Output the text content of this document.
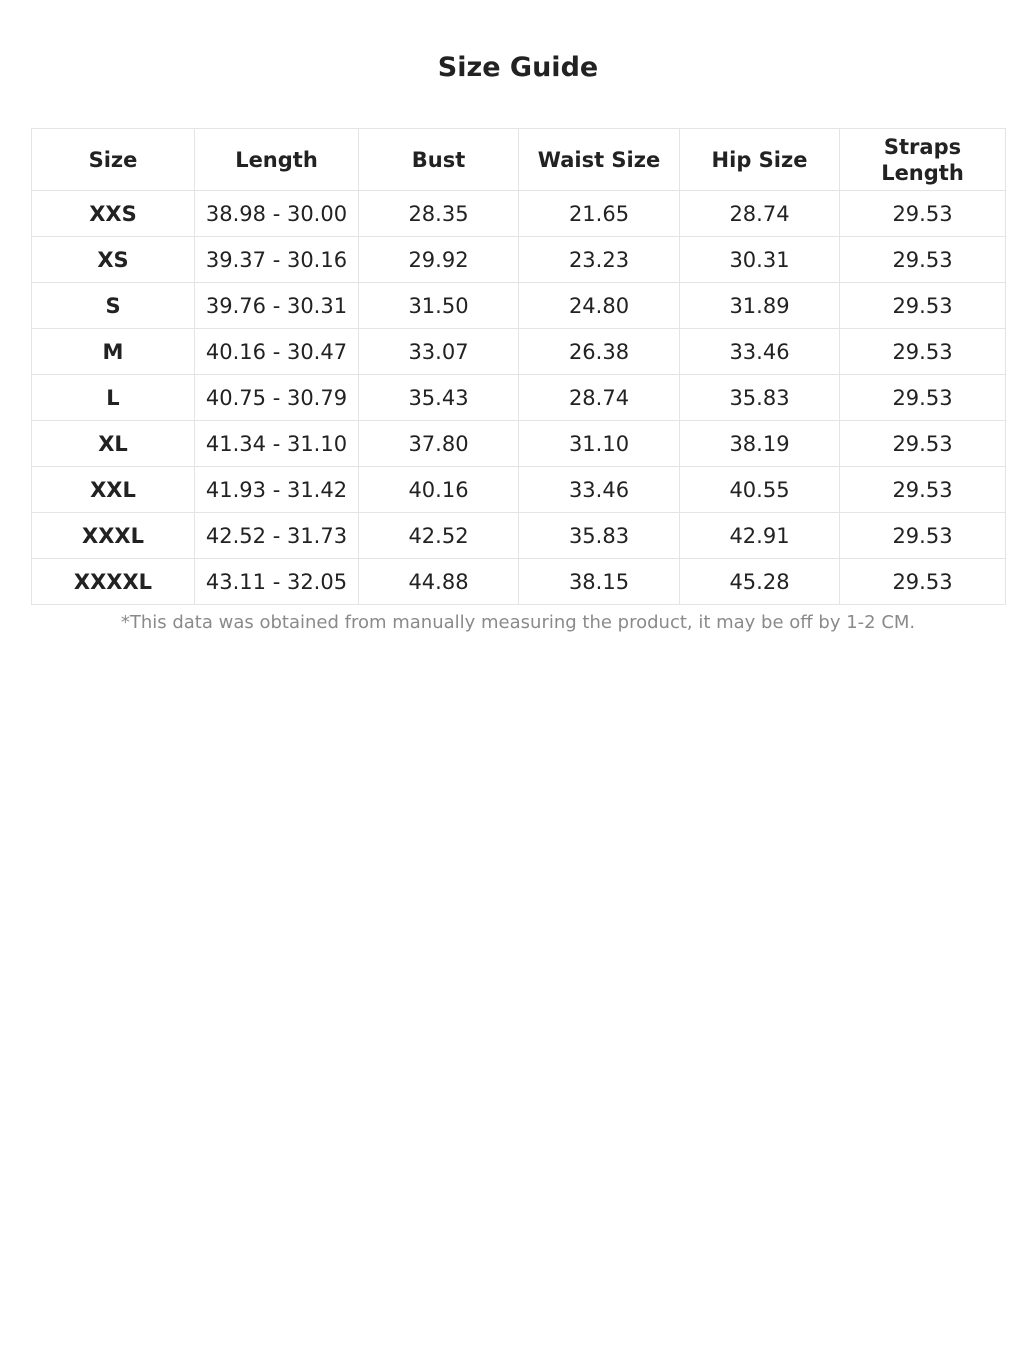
Size Guide
Size	Length	Bust	Waist Size	Hip Size	Straps Length
XXS	38.98 - 30.00	28.35	21.65	28.74	29.53
XS	39.37 - 30.16	29.92	23.23	30.31	29.53
S	39.76 - 30.31	31.50	24.80	31.89	29.53
M	40.16 - 30.47	33.07	26.38	33.46	29.53
L	40.75 - 30.79	35.43	28.74	35.83	29.53
XL	41.34 - 31.10	37.80	31.10	38.19	29.53
XXL	41.93 - 31.42	40.16	33.46	40.55	29.53
XXXL	42.52 - 31.73	42.52	35.83	42.91	29.53
XXXXL	43.11 - 32.05	44.88	38.15	45.28	29.53

*This data was obtained from manually measuring the product, it may be off by 1-2 CM.
